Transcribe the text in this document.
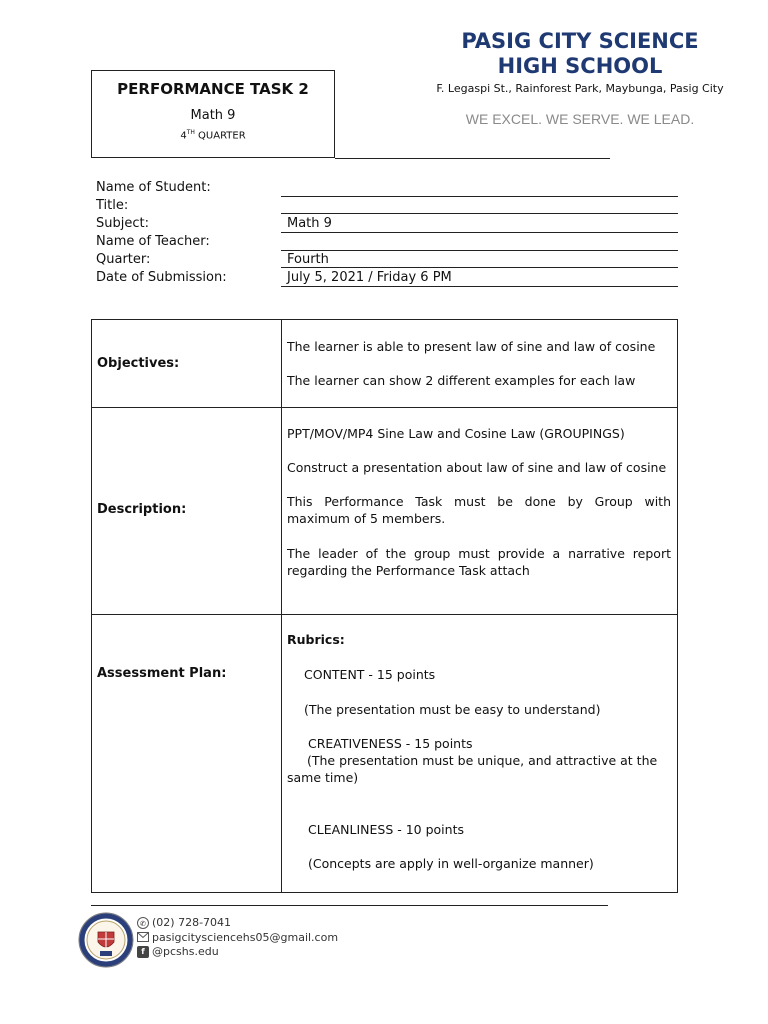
PERFORMANCE TASK 2
Math 9
4TH QUARTER
PASIG CITY SCIENCE
HIGH SCHOOL
F. Legaspi St., Rainforest Park, Maybunga, Pasig City
WE EXCEL. WE SERVE. WE LEAD.
Name of Student:
Title:
Subject:	Math 9
Name of Teacher:
Quarter:	Fourth
Date of Submission:	July 5, 2021 / Friday 6 PM
Objectives:
The learner is able to present law of sine and law of cosine
The learner can show 2 different examples for each law
Description:
PPT/MOV/MP4 Sine Law and Cosine Law (GROUPINGS)
Construct a presentation about law of sine and law of cosine
This Performance Task must be done by Group with maximum of 5 members.
The leader of the group must provide a narrative report regarding the Performance Task attach
Assessment Plan:
Rubrics:
CONTENT - 15 points
(The presentation must be easy to understand)
CREATIVENESS - 15 points
(The presentation must be unique, and attractive at the same time)
CLEANLINESS - 10 points
(Concepts are apply in well-organize manner)
✆ (02) 728-7041
pasigcitysciencehs05@gmail.com
f @pcshs.edu
